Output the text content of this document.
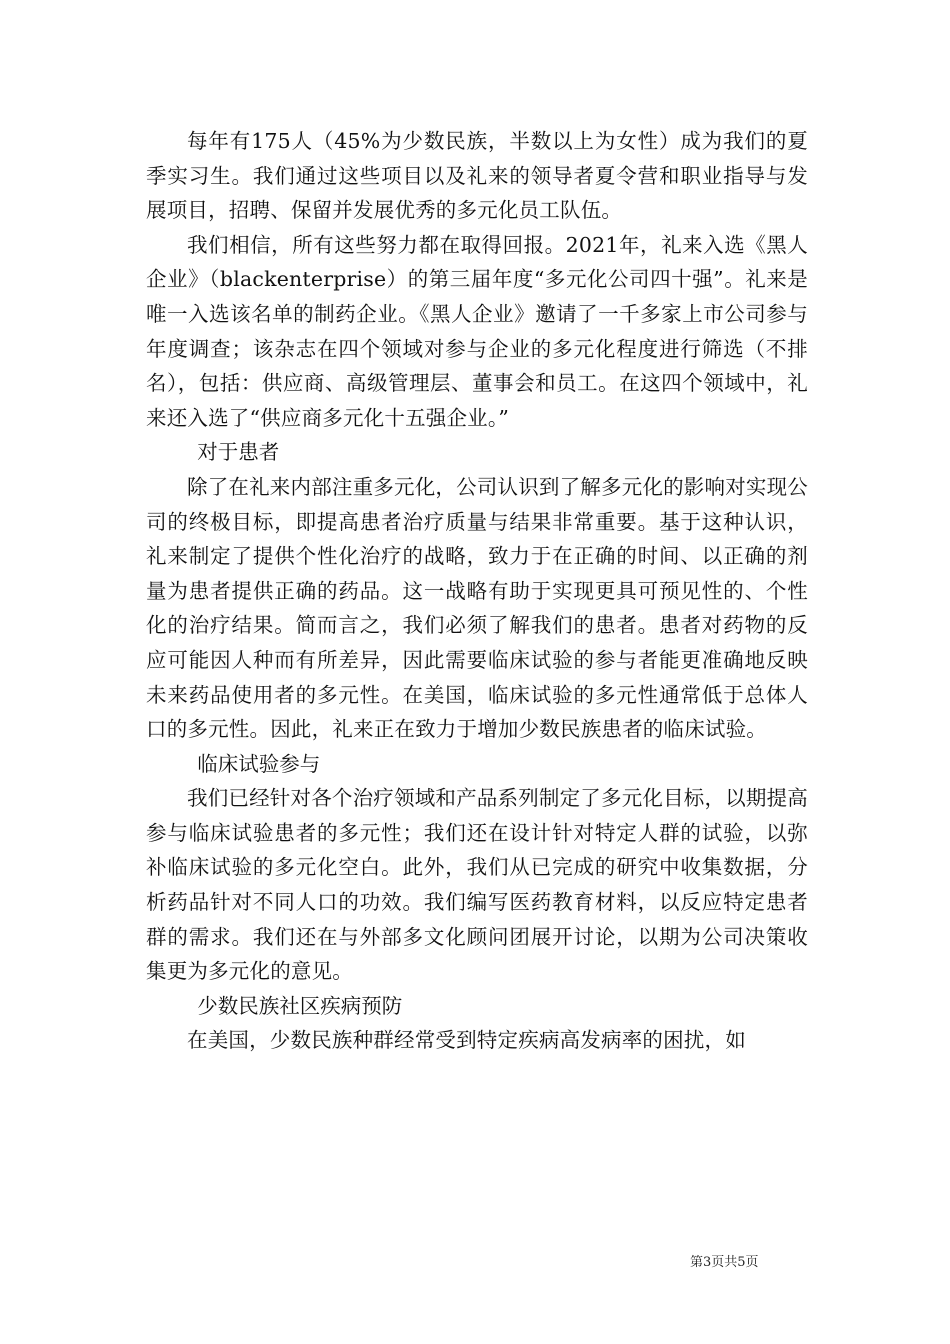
每年有175人（45%为少数民族，半数以上为女性）成为我们的夏季实习生。我们通过这些项目以及礼来的领导者夏令营和职业指导与发展项目，招聘、保留并发展优秀的多元化员工队伍。

我们相信，所有这些努力都在取得回报。2021年，礼来入选《黑人企业》（blackenterprise）的第三届年度“多元化公司四十强”。礼来是唯一入选该名单的制药企业。《黑人企业》邀请了一千多家上市公司参与年度调查；该杂志在四个领域对参与企业的多元化程度进行筛选（不排名），包括：供应商、高级管理层、董事会和员工。在这四个领域中，礼来还入选了“供应商多元化十五强企业。”

对于患者

除了在礼来内部注重多元化，公司认识到了解多元化的影响对实现公司的终极目标，即提高患者治疗质量与结果非常重要。基于这种认识，礼来制定了提供个性化治疗的战略，致力于在正确的时间、以正确的剂量为患者提供正确的药品。这一战略有助于实现更具可预见性的、个性化的治疗结果。简而言之，我们必须了解我们的患者。患者对药物的反应可能因人种而有所差异，因此需要临床试验的参与者能更准确地反映未来药品使用者的多元性。在美国，临床试验的多元性通常低于总体人口的多元性。因此，礼来正在致力于增加少数民族患者的临床试验。

临床试验参与

我们已经针对各个治疗领域和产品系列制定了多元化目标，以期提高参与临床试验患者的多元性；我们还在设计针对特定人群的试验，以弥补临床试验的多元化空白。此外，我们从已完成的研究中收集数据，分析药品针对不同人口的功效。我们编写医药教育材料，以反应特定患者群的需求。我们还在与外部多文化顾问团展开讨论，以期为公司决策收集更为多元化的意见。

少数民族社区疾病预防

在美国，少数民族种群经常受到特定疾病高发病率的困扰，如

第3页共5页
